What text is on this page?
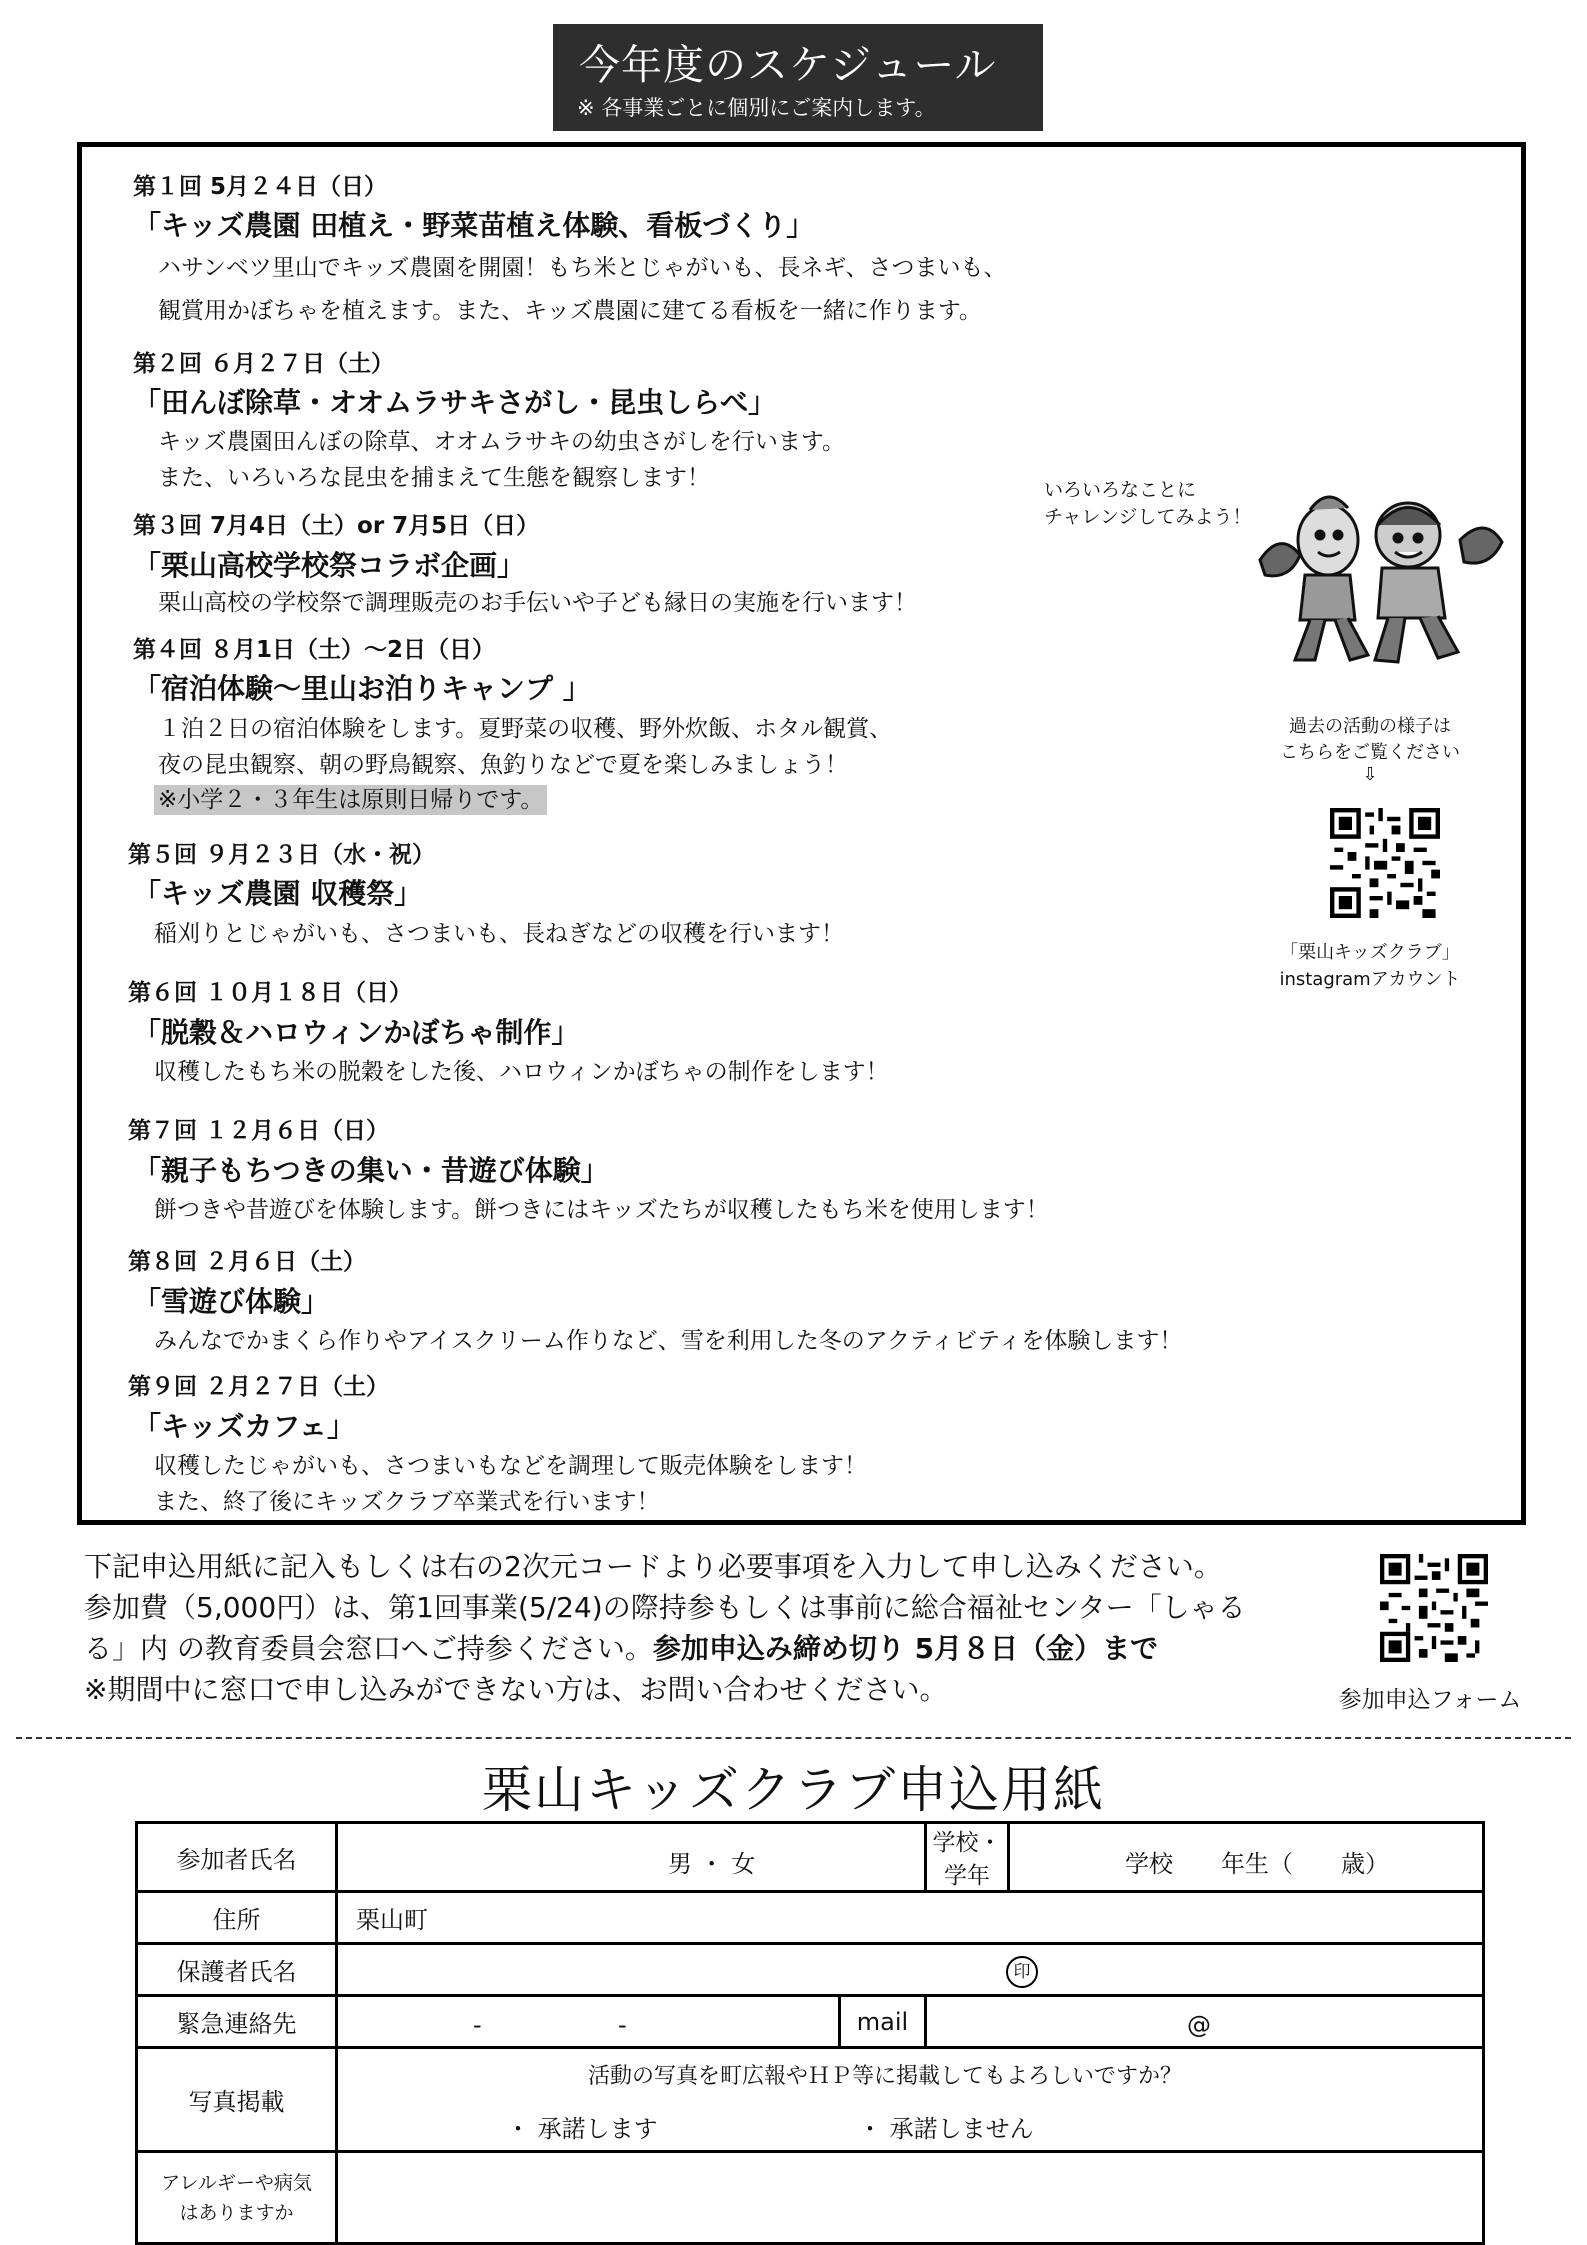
今年度のスケジュール
※ 各事業ごとに個別にご案内します。
第１回 5月２４日（日）
「キッズ農園 田植え・野菜苗植え体験、看板づくり」
ハサンベツ里山でキッズ農園を開園！もち米とじゃがいも、長ネギ、さつまいも、
観賞用かぼちゃを植えます。また、キッズ農園に建てる看板を一緒に作ります。
第２回 ６月２７日（土）
「田んぼ除草・オオムラサキさがし・昆虫しらべ」
キッズ農園田んぼの除草、オオムラサキの幼虫さがしを行います。
また、いろいろな昆虫を捕まえて生態を観察します！
第３回 7月4日（土）or 7月5日（日）
「栗山高校学校祭コラボ企画」
栗山高校の学校祭で調理販売のお手伝いや子ども縁日の実施を行います！
第４回 ８月1日（土）～2日（日）
「宿泊体験～里山お泊りキャンプ 」
１泊２日の宿泊体験をします。夏野菜の収穫、野外炊飯、ホタル観賞、
夜の昆虫観察、朝の野鳥観察、魚釣りなどで夏を楽しみましょう！
※小学２・３年生は原則日帰りです。
第５回 ９月２３日（水・祝）
「キッズ農園 収穫祭」
稲刈りとじゃがいも、さつまいも、長ねぎなどの収穫を行います！
第６回 １０月１８日（日）
「脱穀＆ハロウィンかぼちゃ制作」
収穫したもち米の脱穀をした後、ハロウィンかぼちゃの制作をします！
第７回 １２月６日（日）
「親子もちつきの集い・昔遊び体験」
餅つきや昔遊びを体験します。餅つきにはキッズたちが収穫したもち米を使用します！
第８回 ２月６日（土）
「雪遊び体験」
みんなでかまくら作りやアイスクリーム作りなど、雪を利用した冬のアクティビティを体験します！
第９回 ２月２７日（土）
「キッズカフェ」
収穫したじゃがいも、さつまいもなどを調理して販売体験をします！
また、終了後にキッズクラブ卒業式を行います！
いろいろなことに
チャレンジしてみよう！
過去の活動の様子は
こちらをご覧ください
⇩
「栗山キッズクラブ」
instagramアカウント
下記申込用紙に記入もしくは右の2次元コードより必要事項を入力して申し込みください。
参加費（5,000円）は、第1回事業(5/24)の際持参もしくは事前に総合福祉センター「しゃる
る」内 の教育委員会窓口へご持参ください。参加申込み締め切り 5月８日（金）まで
※期間中に窓口で申し込みができない方は、お問い合わせください。	参加申込フォーム
栗山キッズクラブ申込用紙
参加者氏名	男 ・ 女		学校・学年	学校　　年生（　　歳）

住所	栗山町			
保護者氏名	印			

緊急連絡先	- -	mail	@	

写真掲載	活動の写真を町広報やＨＰ等に掲載してもよろしいですか？
・ 承諾します ・ 承諾しません			

アレルギーや病気
はありますか				
